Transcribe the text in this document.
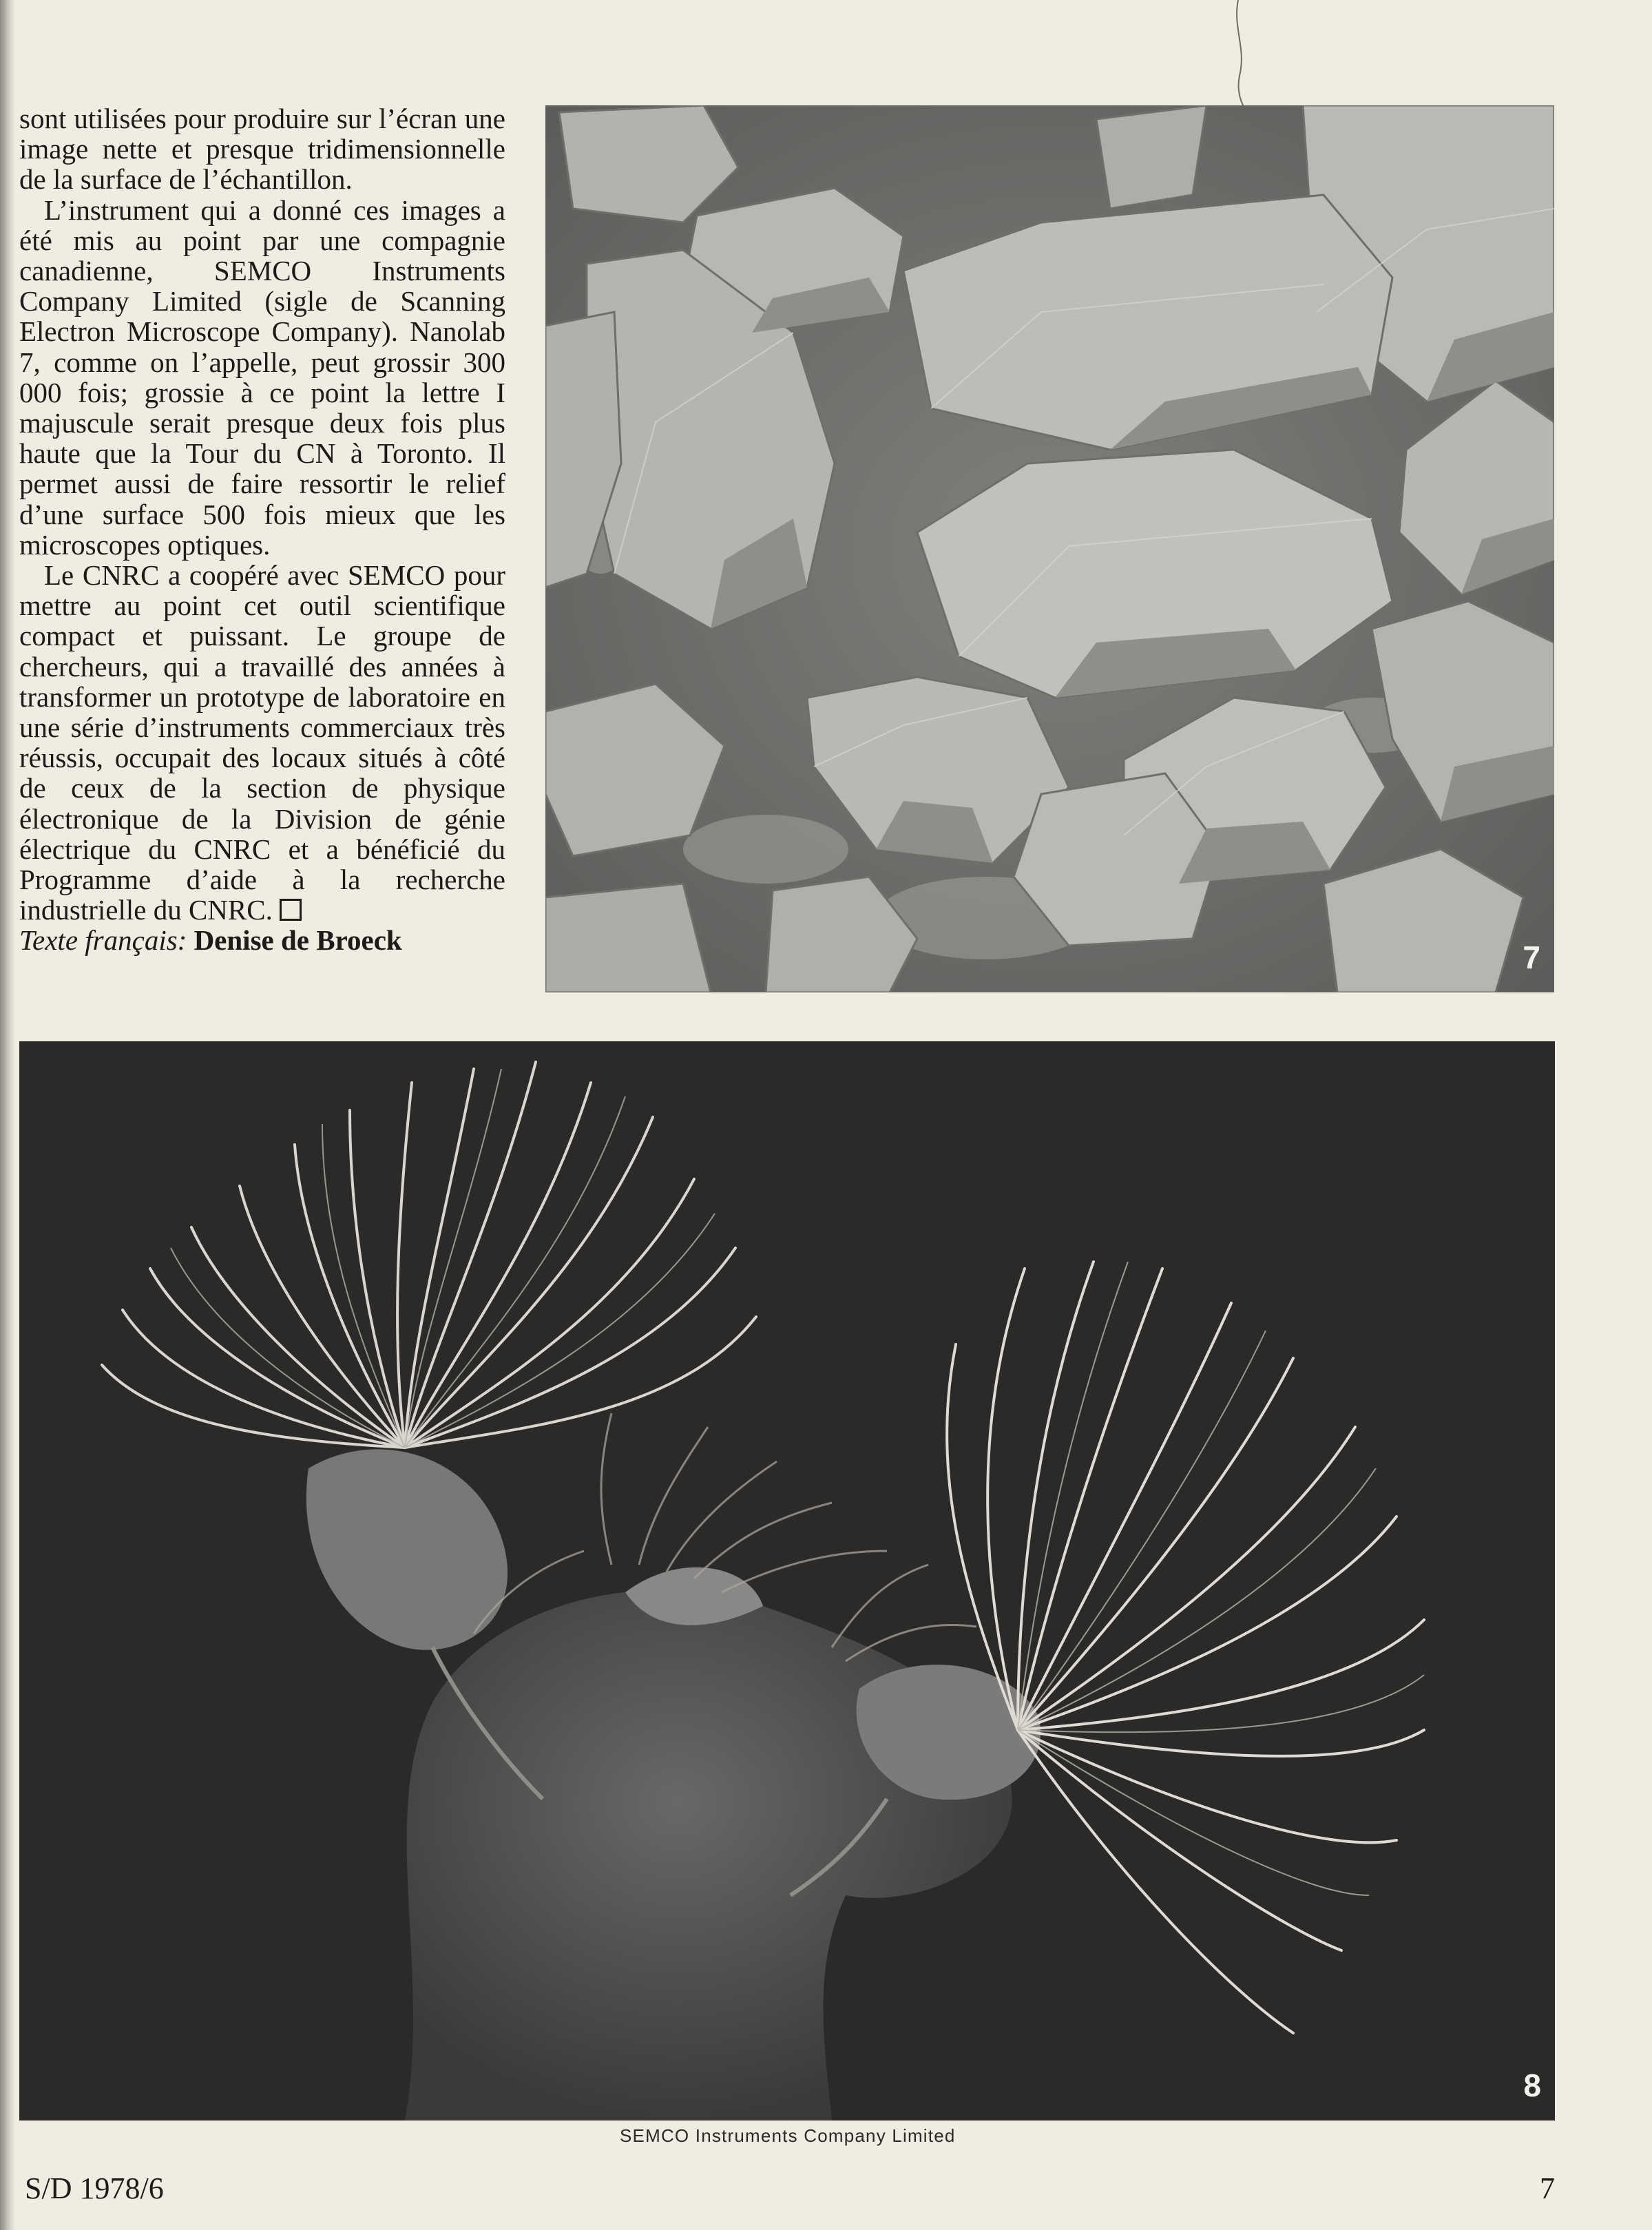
sont utilisées pour produire sur l’écran une image nette et presque tridimensionnelle de la surface de l’échantillon.

L’instrument qui a donné ces images a été mis au point par une compagnie canadienne, SEMCO Instruments Company Limited (sigle de Scanning Electron Microscope Company). Nanolab 7, comme on l’appelle, peut grossir 300 000 fois; grossie à ce point la lettre I majuscule serait presque deux fois plus haute que la Tour du CN à Toronto. Il permet aussi de faire ressortir le relief d’une surface 500 fois mieux que les microscopes optiques.

Le CNRC a coopéré avec SEMCO pour mettre au point cet outil scientifique compact et puissant. Le groupe de chercheurs, qui a travaillé des années à transformer un prototype de laboratoire en une série d’instruments commerciaux très réussis, occupait des locaux situés à côté de ceux de la section de physique électronique de la Division de génie électrique du CNRC et a bénéficié du Programme d’aide à la recherche industrielle du CNRC.

Texte français: Denise de Broeck	7
8
SEMCO Instruments Company Limited
S/D 1978/6	7
